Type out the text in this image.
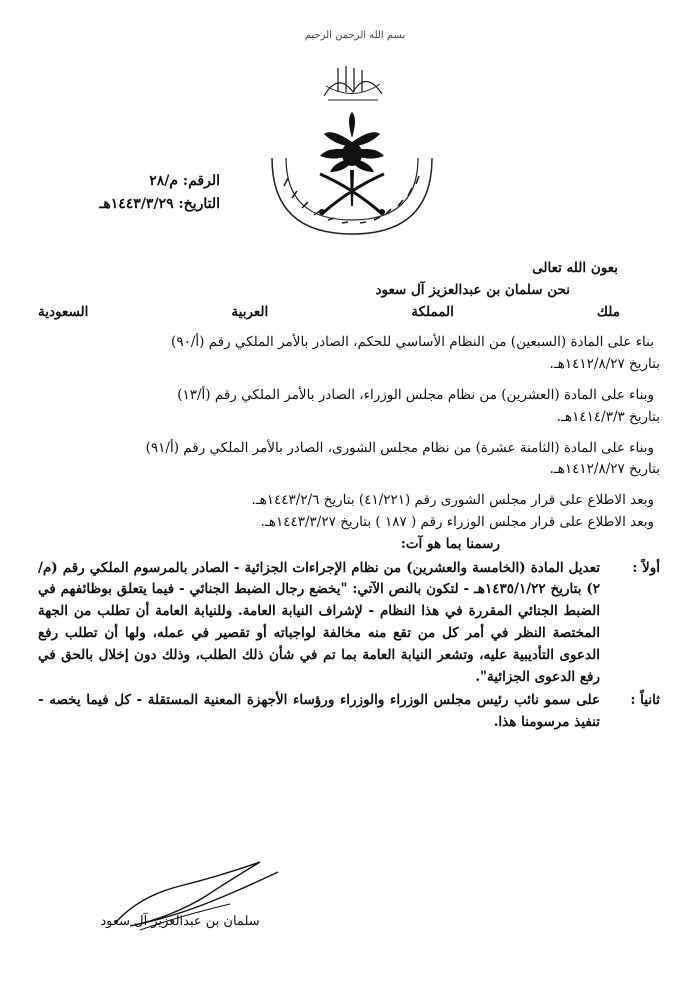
بسم الله الرحمن الرحيم
الرقم: م/٢٨
التاريخ: ١٤٤٣/٣/٢٩هـ

بعون الله تعالى

نحن سلمان بن عبدالعزيز آل سعود

ملك المملكة العربية السعودية

بناء على المادة (السبعين) من النظام الأساسي للحكم، الصادر بالأمر الملكي رقم (أ/٩٠)

بتاريخ ١٤١٢/٨/٢٧هـ.

وبناء على المادة (العشرين) من نظام مجلس الوزراء، الصادر بالأمر الملكي رقم (أ/١٣)

بتاريخ ١٤١٤/٣/٣هـ.

وبناء على المادة (الثامنة عشرة) من نظام مجلس الشورى، الصادر بالأمر الملكي رقم (أ/٩١)

بتاريخ ١٤١٢/٨/٢٧هـ.

وبعد الاطلاع على قرار مجلس الشورى رقم (٤١/٢٢١) بتاريخ ١٤٤٣/٢/٦هـ.

وبعد الاطلاع على قرار مجلس الوزراء رقم ( ١٨٧ ) بتاريخ ١٤٤٣/٣/٢٧هـ.

رسمنا بما هو آت:

أولاً :
تعديل المادة (الخامسة والعشرين) من نظام الإجراءات الجزائية - الصادر بالمرسوم الملكي رقم (م/٢) بتاريخ ١٤٣٥/١/٢٢هـ - لتكون بالنص الآتي: "يخضع رجال الضبط الجنائي - فيما يتعلق بوظائفهم في الضبط الجنائي المقررة في هذا النظام - لإشراف النيابة العامة. وللنيابة العامة أن تطلب من الجهة المختصة النظر في أمر كل من تقع منه مخالفة لواجباته أو تقصير في عمله، ولها أن تطلب رفع الدعوى التأديبية عليه، وتشعر النيابة العامة بما تم في شأن ذلك الطلب، وذلك دون إخلال بالحق في رفع الدعوى الجزائية".
ثانياً :
على سمو نائب رئيس مجلس الوزراء والوزراء ورؤساء الأجهزة المعنية المستقلة - كل فيما يخصه - تنفيذ مرسومنا هذا.
سلمان بن عبدالعزيز آل سعود
